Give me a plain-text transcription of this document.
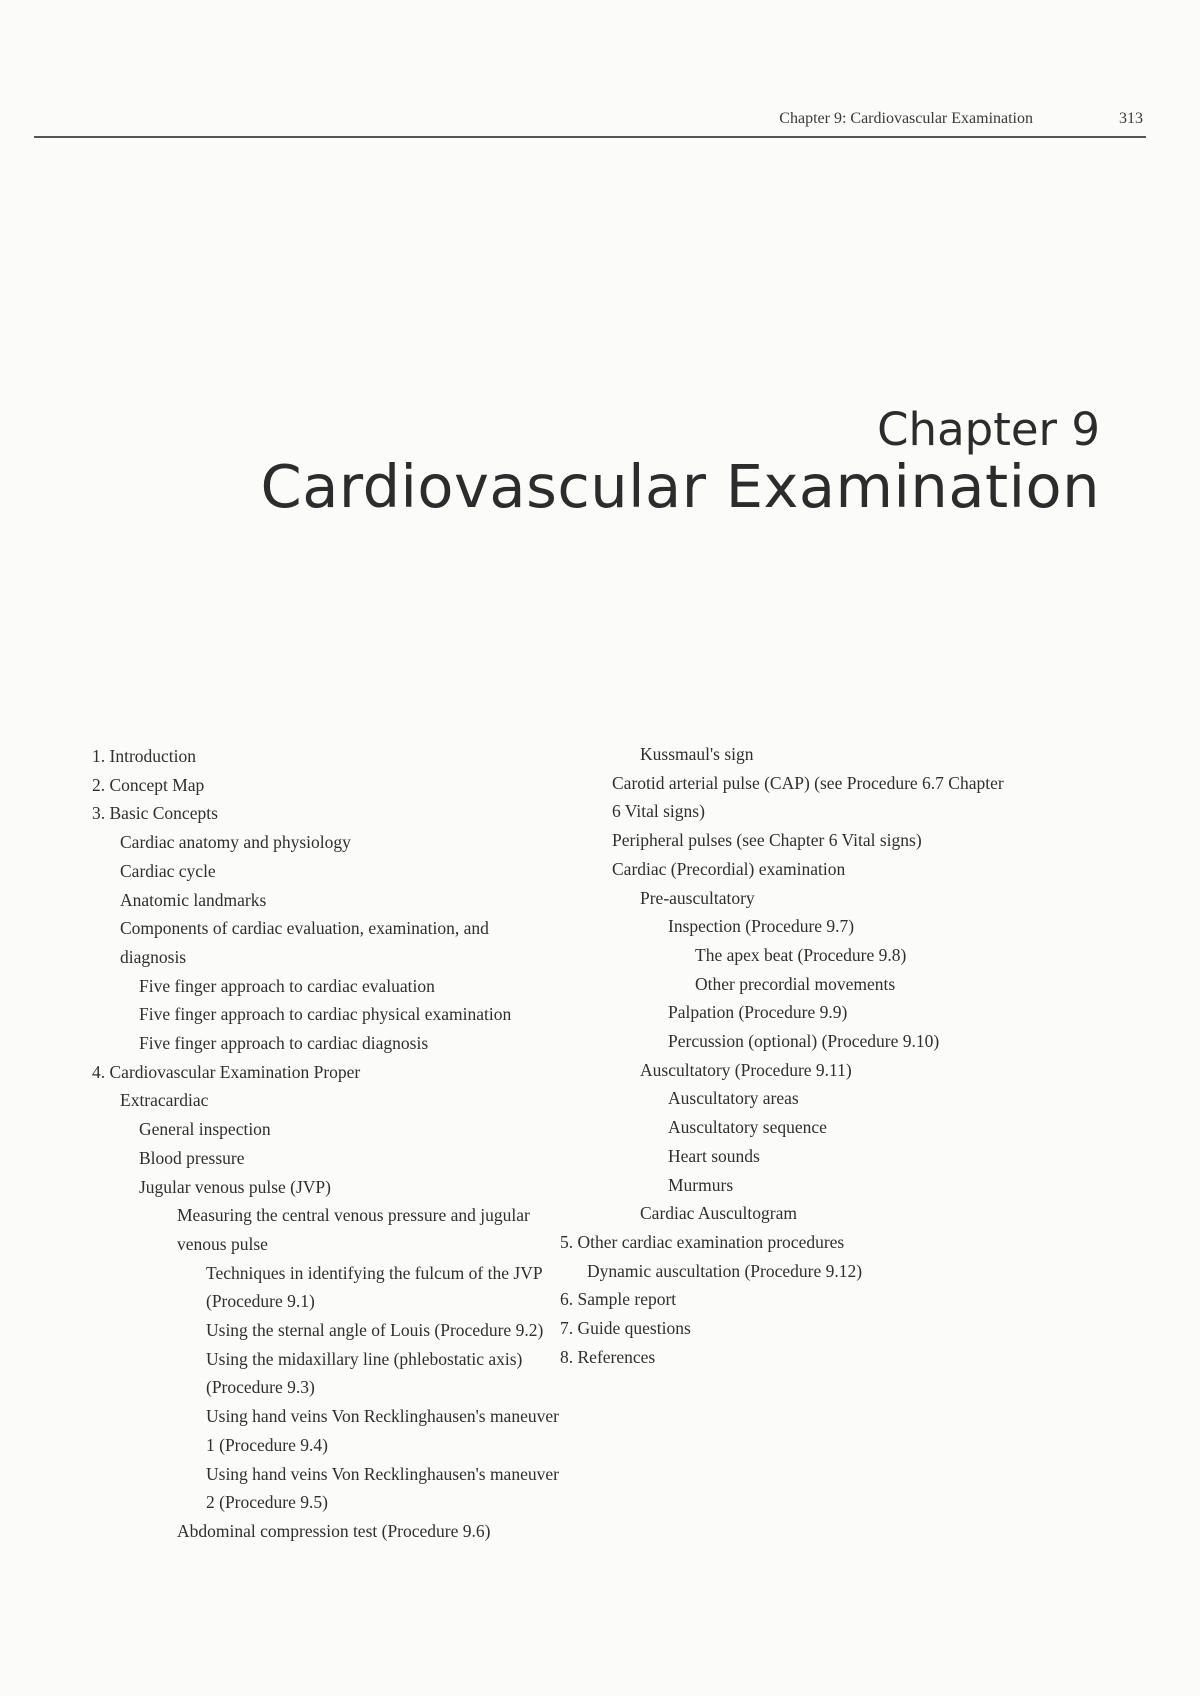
Chapter 9: Cardiovascular Examination	313
Chapter 9
Cardiovascular Examination

1. Introduction

2. Concept Map

3. Basic Concepts

Cardiac anatomy and physiology

Cardiac cycle

Anatomic landmarks

Components of cardiac evaluation, examination, and

diagnosis

Five finger approach to cardiac evaluation

Five finger approach to cardiac physical examination

Five finger approach to cardiac diagnosis

4. Cardiovascular Examination Proper

Extracardiac

General inspection

Blood pressure

Jugular venous pulse (JVP)

Measuring the central venous pressure and jugular

venous pulse

Techniques in identifying the fulcum of the JVP

(Procedure 9.1)

Using the sternal angle of Louis (Procedure 9.2)

Using the midaxillary line (phlebostatic axis)

(Procedure 9.3)

Using hand veins Von Recklinghausen's maneuver

1 (Procedure 9.4)

Using hand veins Von Recklinghausen's maneuver

2 (Procedure 9.5)

Abdominal compression test (Procedure 9.6)

Kussmaul's sign

Carotid arterial pulse (CAP) (see Procedure 6.7 Chapter

6 Vital signs)

Peripheral pulses (see Chapter 6 Vital signs)

Cardiac (Precordial) examination

Pre-auscultatory

Inspection (Procedure 9.7)

The apex beat (Procedure 9.8)

Other precordial movements

Palpation (Procedure 9.9)

Percussion (optional) (Procedure 9.10)

Auscultatory (Procedure 9.11)

Auscultatory areas

Auscultatory sequence

Heart sounds

Murmurs

Cardiac Auscultogram

5. Other cardiac examination procedures

Dynamic auscultation (Procedure 9.12)

6. Sample report

7. Guide questions

8. References
